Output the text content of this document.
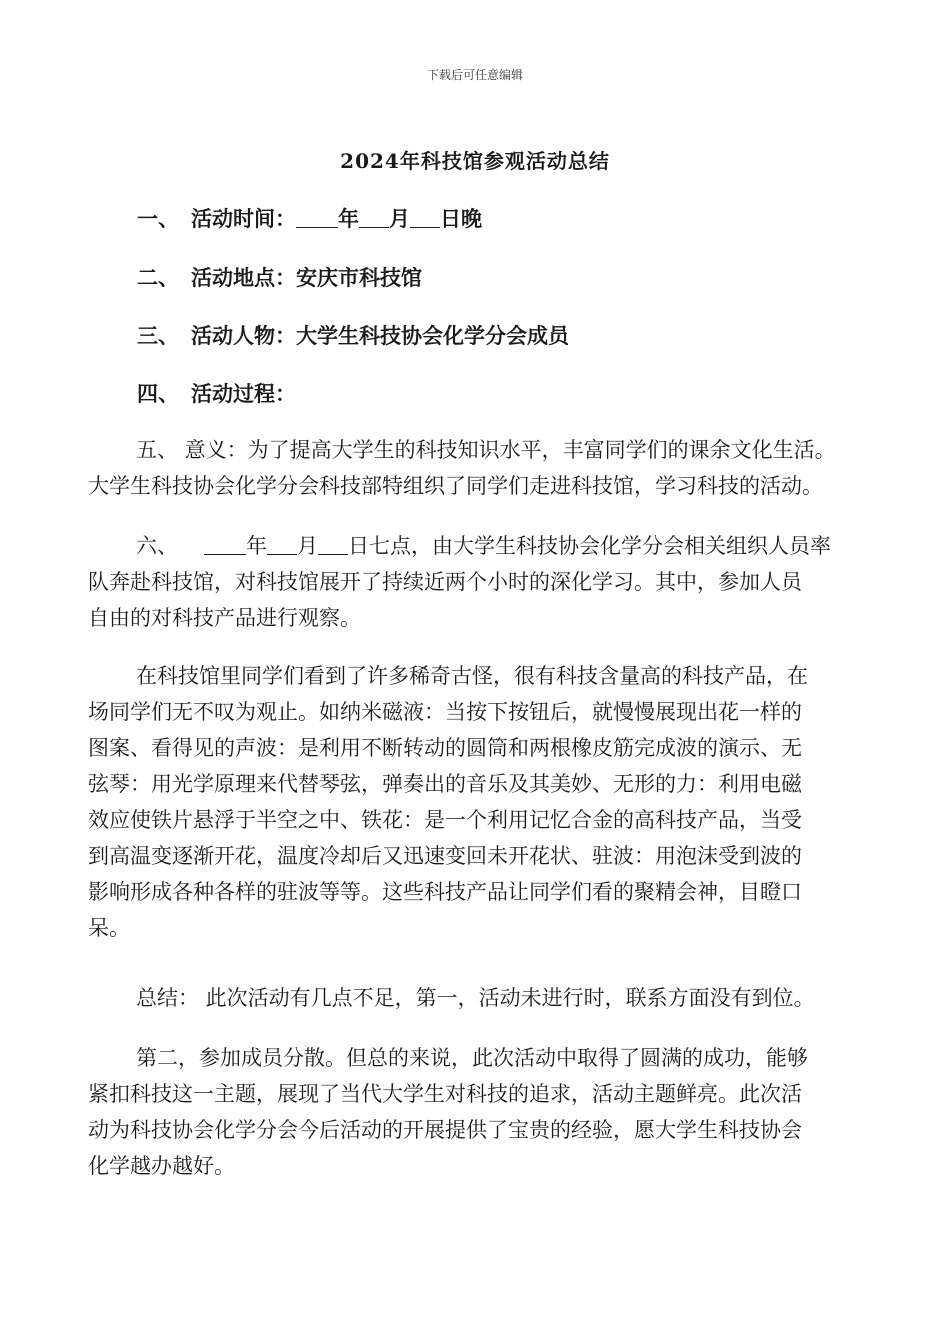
下载后可任意编辑
2024年科技馆参观活动总结
一、 活动时间： 年 月 日晚
二、 活动地点：安庆市科技馆
三、 活动人物：大学生科技协会化学分会成员
四、 活动过程：
五、 意义：为了提高大学生的科技知识水平，丰富同学们的课余文化生活。
大学生科技协会化学分会科技部特组织了同学们走进科技馆，学习科技的活动。
六、	年 月 日七点，由大学生科技协会化学分会相关组织人员率
队奔赴科技馆，对科技馆展开了持续近两个小时的深化学习。其中，参加人员
自由的对科技产品进行观察。
在科技馆里同学们看到了许多稀奇古怪，很有科技含量高的科技产品，在
场同学们无不叹为观止。如纳米磁液：当按下按钮后，就慢慢展现出花一样的
图案、看得见的声波：是利用不断转动的圆筒和两根橡皮筋完成波的演示、无
弦琴：用光学原理来代替琴弦，弹奏出的音乐及其美妙、无形的力：利用电磁
效应使铁片悬浮于半空之中、铁花：是一个利用记忆合金的高科技产品，当受
到高温变逐渐开花，温度冷却后又迅速变回未开花状、驻波：用泡沫受到波的
影响形成各种各样的驻波等等。这些科技产品让同学们看的聚精会神，目瞪口
呆。
总结： 此次活动有几点不足，第一，活动未进行时，联系方面没有到位。
第二，参加成员分散。但总的来说，此次活动中取得了圆满的成功，能够
紧扣科技这一主题，展现了当代大学生对科技的追求，活动主题鲜亮。此次活
动为科技协会化学分会今后活动的开展提供了宝贵的经验，愿大学生科技协会
化学越办越好。
